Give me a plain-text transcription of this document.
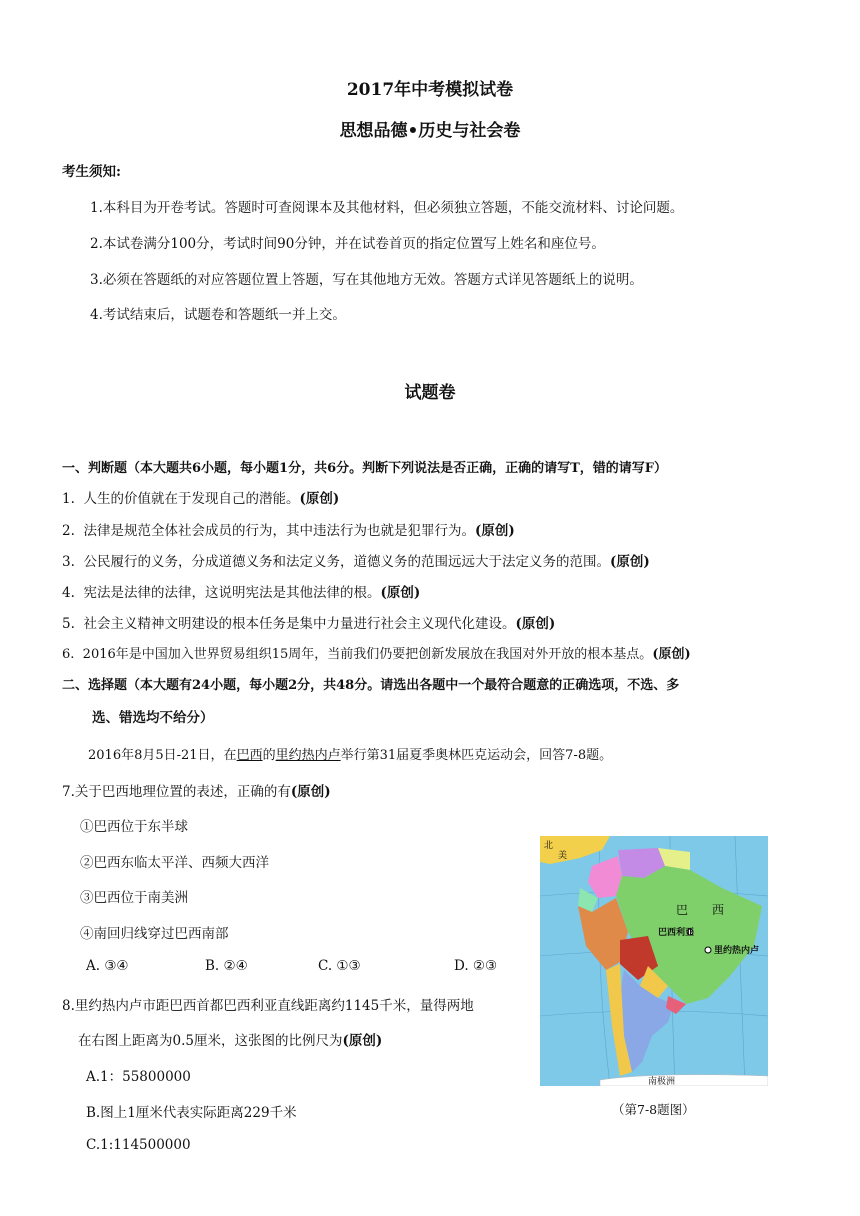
2017年中考模拟试卷
思想品德•历史与社会卷
考生须知:
1.本科目为开卷考试。答题时可查阅课本及其他材料，但必须独立答题，不能交流材料、讨论问题。
2.本试卷满分100分，考试时间90分钟，并在试卷首页的指定位置写上姓名和座位号。
3.必须在答题纸的对应答题位置上答题，写在其他地方无效。答题方式详见答题纸上的说明。
4.考试结束后，试题卷和答题纸一并上交。
试题卷
一、判断题（本大题共6小题，每小题1分，共6分。判断下列说法是否正确，正确的请写T，错的请写F）
1. 人生的价值就在于发现自己的潜能。(原创)
2. 法律是规范全体社会成员的行为，其中违法行为也就是犯罪行为。(原创)
3. 公民履行的义务，分成道德义务和法定义务，道德义务的范围远远大于法定义务的范围。(原创)
4. 宪法是法律的法律，这说明宪法是其他法律的根。(原创)
5. 社会主义精神文明建设的根本任务是集中力量进行社会主义现代化建设。(原创)
6. 2016年是中国加入世界贸易组织15周年，当前我们仍要把创新发展放在我国对外开放的根本基点。(原创)
二、选择题（本大题有24小题，每小题2分，共48分。请选出各题中一个最符合题意的正确选项，不选、多
选、错选均不给分）
2016年8月5日-21日，在巴西的里约热内卢举行第31届夏季奥林匹克运动会，回答7-8题。
7.关于巴西地理位置的表述，正确的有(原创)
①巴西位于东半球
②巴西东临太平洋、西频大西洋
③巴西位于南美洲
④南回归线穿过巴西南部
A. ③④	B. ②④	C. ①③	D. ②③
8.里约热内卢市距巴西首都巴西利亚直线距离约1145千米，量得两地
在右图上距离为0.5厘米，这张图的比例尺为(原创)
A.1：55800000
B.图上1厘米代表实际距离229千米
C.1:114500000
北
美
巴 西
巴西利亚
里约热内卢
南极洲
（第7-8题图）
